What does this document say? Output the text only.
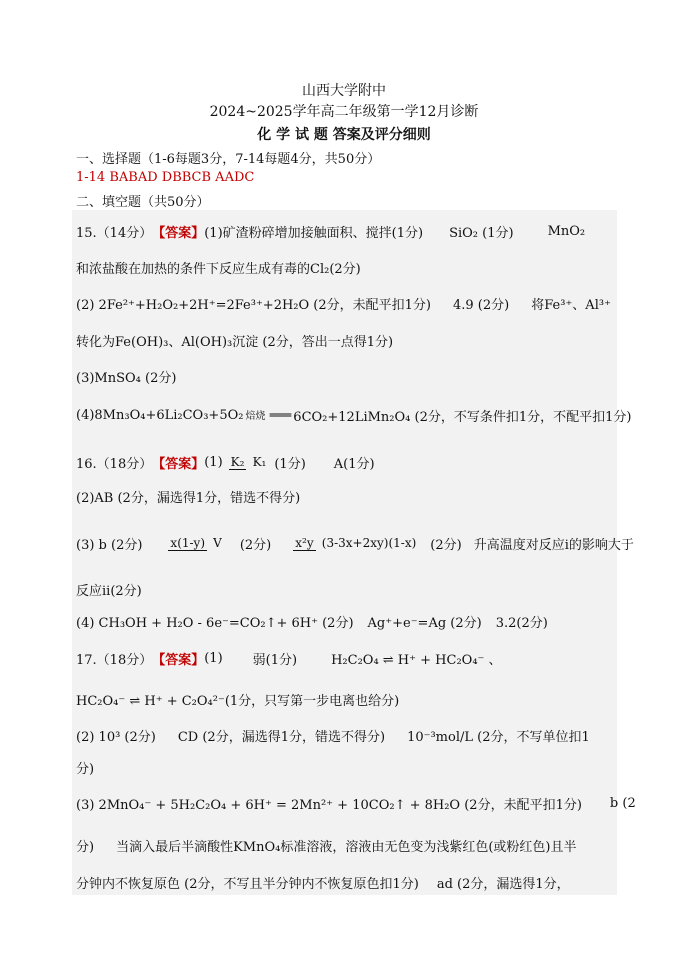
山西大学附中
2024~2025学年高二年级第一学12月诊断
化 学 试 题 答案及评分细则
一、选择题（1-6每题3分，7-14每题4分，共50分）
1-14 BABAD DBBCB AADC
二、填空题（共50分）
15.（14分） 【答案】 (1)矿渣粉碎增加接触面积、搅拌(1分) SiO₂ (1分)	MnO₂
和浓盐酸在加热的条件下反应生成有毒的Cl₂(2分)
(2) 2Fe²⁺+H₂O₂+2H⁺=2Fe³⁺+2H₂O (2分，未配平扣1分) 4.9 (2分) 将Fe³⁺、Al³⁺
转化为Fe(OH)₃、Al(OH)₃沉淀 (2分，答出一点得1分)
(3)MnSO₄ (2分)
(4)8Mn₃O₄+6Li₂CO₃+5O₂ 焙烧 ═══ 6CO₂+12LiMn₂O₄ (2分，不写条件扣1分，不配平扣1分)
16.（18分） 【答案】 (1) K₂ K₁ (1分) A(1分)
(2)AB (2分，漏选得1分，错选不得分)
(3) b (2分) x(1-y) V (2分) x²y (3-3x+2xy)(1-x) (2分) 升高温度对反应i的影响大于
反应ii(2分)
(4) CH₃OH + H₂O - 6e⁻=CO₂↑+ 6H⁺ (2分) Ag⁺+e⁻=Ag (2分) 3.2(2分)
17.（18分） 【答案】 (1) 弱(1分)	H₂C₂O₄ ⇌ H⁺ + HC₂O₄⁻ 、
HC₂O₄⁻ ⇌ H⁺ + C₂O₄²⁻(1分，只写第一步电离也给分)
(2) 10³ (2分) CD (2分，漏选得1分，错选不得分) 10⁻³mol/L (2分，不写单位扣1
分)
(3) 2MnO₄⁻ + 5H₂C₂O₄ + 6H⁺ = 2Mn²⁺ + 10CO₂↑ + 8H₂O (2分，未配平扣1分) b (2
分) 当滴入最后半滴酸性KMnO₄标准溶液，溶液由无色变为浅紫红色(或粉红色)且半
分钟内不恢复原色 (2分，不写且半分钟内不恢复原色扣1分) ad (2分，漏选得1分，
